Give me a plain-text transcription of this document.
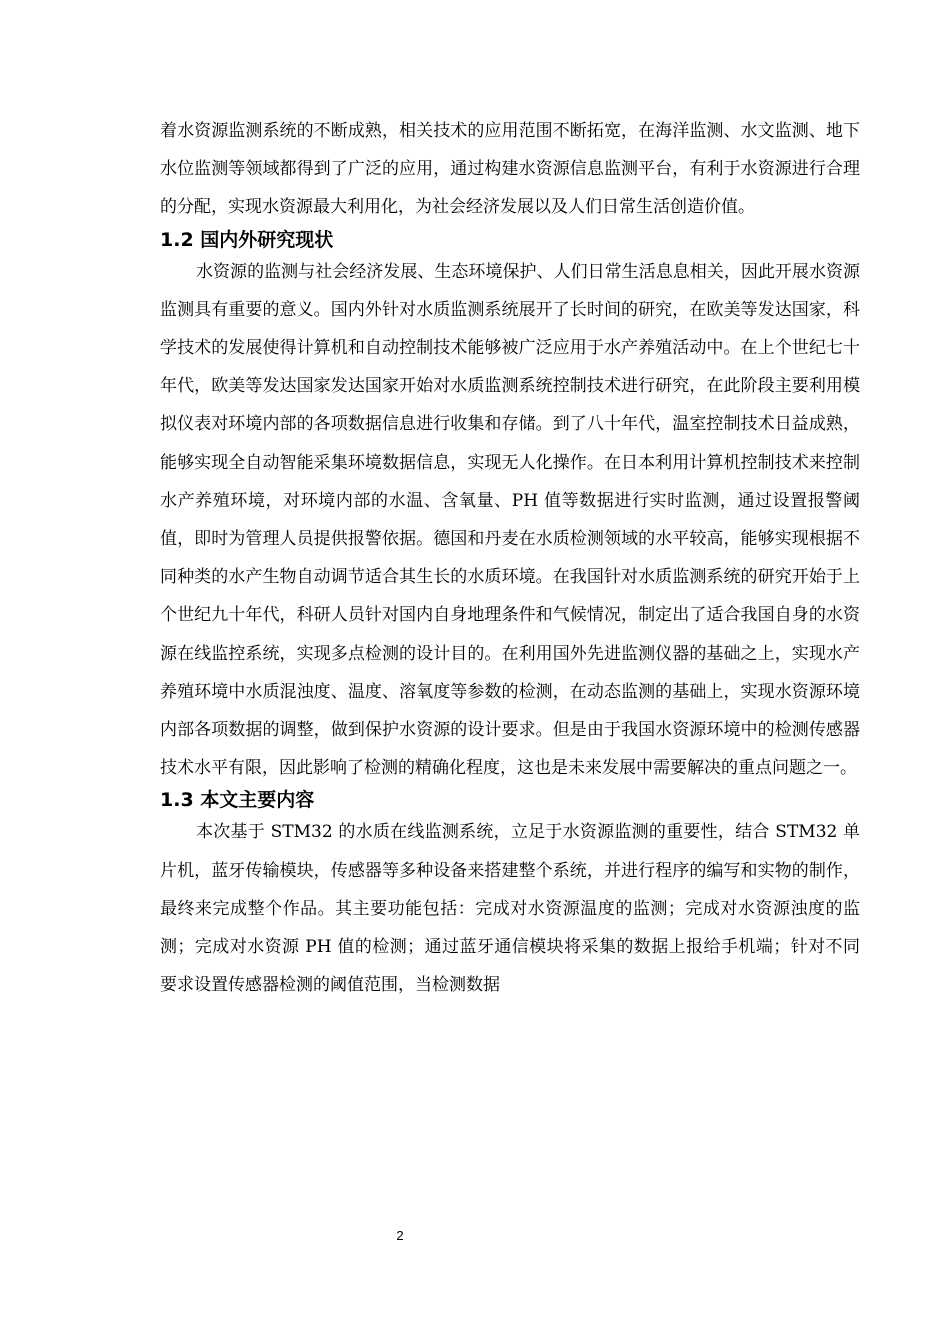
着水资源监测系统的不断成熟，相关技术的应用范围不断拓宽，在海洋监测、水文监测、地下水位监测等领域都得到了广泛的应用，通过构建水资源信息监测平台，有利于水资源进行合理的分配，实现水资源最大利用化，为社会经济发展以及人们日常生活创造价值。

1.2 国内外研究现状

水资源的监测与社会经济发展、生态环境保护、人们日常生活息息相关，因此开展水资源监测具有重要的意义。国内外针对水质监测系统展开了长时间的研究，在欧美等发达国家，科学技术的发展使得计算机和自动控制技术能够被广泛应用于水产养殖活动中。在上个世纪七十年代，欧美等发达国家发达国家开始对水质监测系统控制技术进行研究，在此阶段主要利用模拟仪表对环境内部的各项数据信息进行收集和存储。到了八十年代，温室控制技术日益成熟，能够实现全自动智能采集环境数据信息，实现无人化操作。在日本利用计算机控制技术来控制水产养殖环境，对环境内部的水温、含氧量、PH 值等数据进行实时监测，通过设置报警阈值，即时为管理人员提供报警依据。德国和丹麦在水质检测领域的水平较高，能够实现根据不同种类的水产生物自动调节适合其生长的水质环境。在我国针对水质监测系统的研究开始于上个世纪九十年代，科研人员针对国内自身地理条件和气候情况，制定出了适合我国自身的水资源在线监控系统，实现多点检测的设计目的。在利用国外先进监测仪器的基础之上，实现水产养殖环境中水质混浊度、温度、溶氧度等参数的检测，在动态监测的基础上，实现水资源环境内部各项数据的调整，做到保护水资源的设计要求。但是由于我国水资源环境中的检测传感器技术水平有限，因此影响了检测的精确化程度，这也是未来发展中需要解决的重点问题之一。

1.3 本文主要内容

本次基于 STM32 的水质在线监测系统，立足于水资源监测的重要性，结合 STM32 单片机，蓝牙传输模块，传感器等多种设备来搭建整个系统，并进行程序的编写和实物的制作，最终来完成整个作品。其主要功能包括：完成对水资源温度的监测；完成对水资源浊度的监测；完成对水资源 PH 值的检测；通过蓝牙通信模块将采集的数据上报给手机端；针对不同要求设置传感器检测的阈值范围，当检测数据

2
